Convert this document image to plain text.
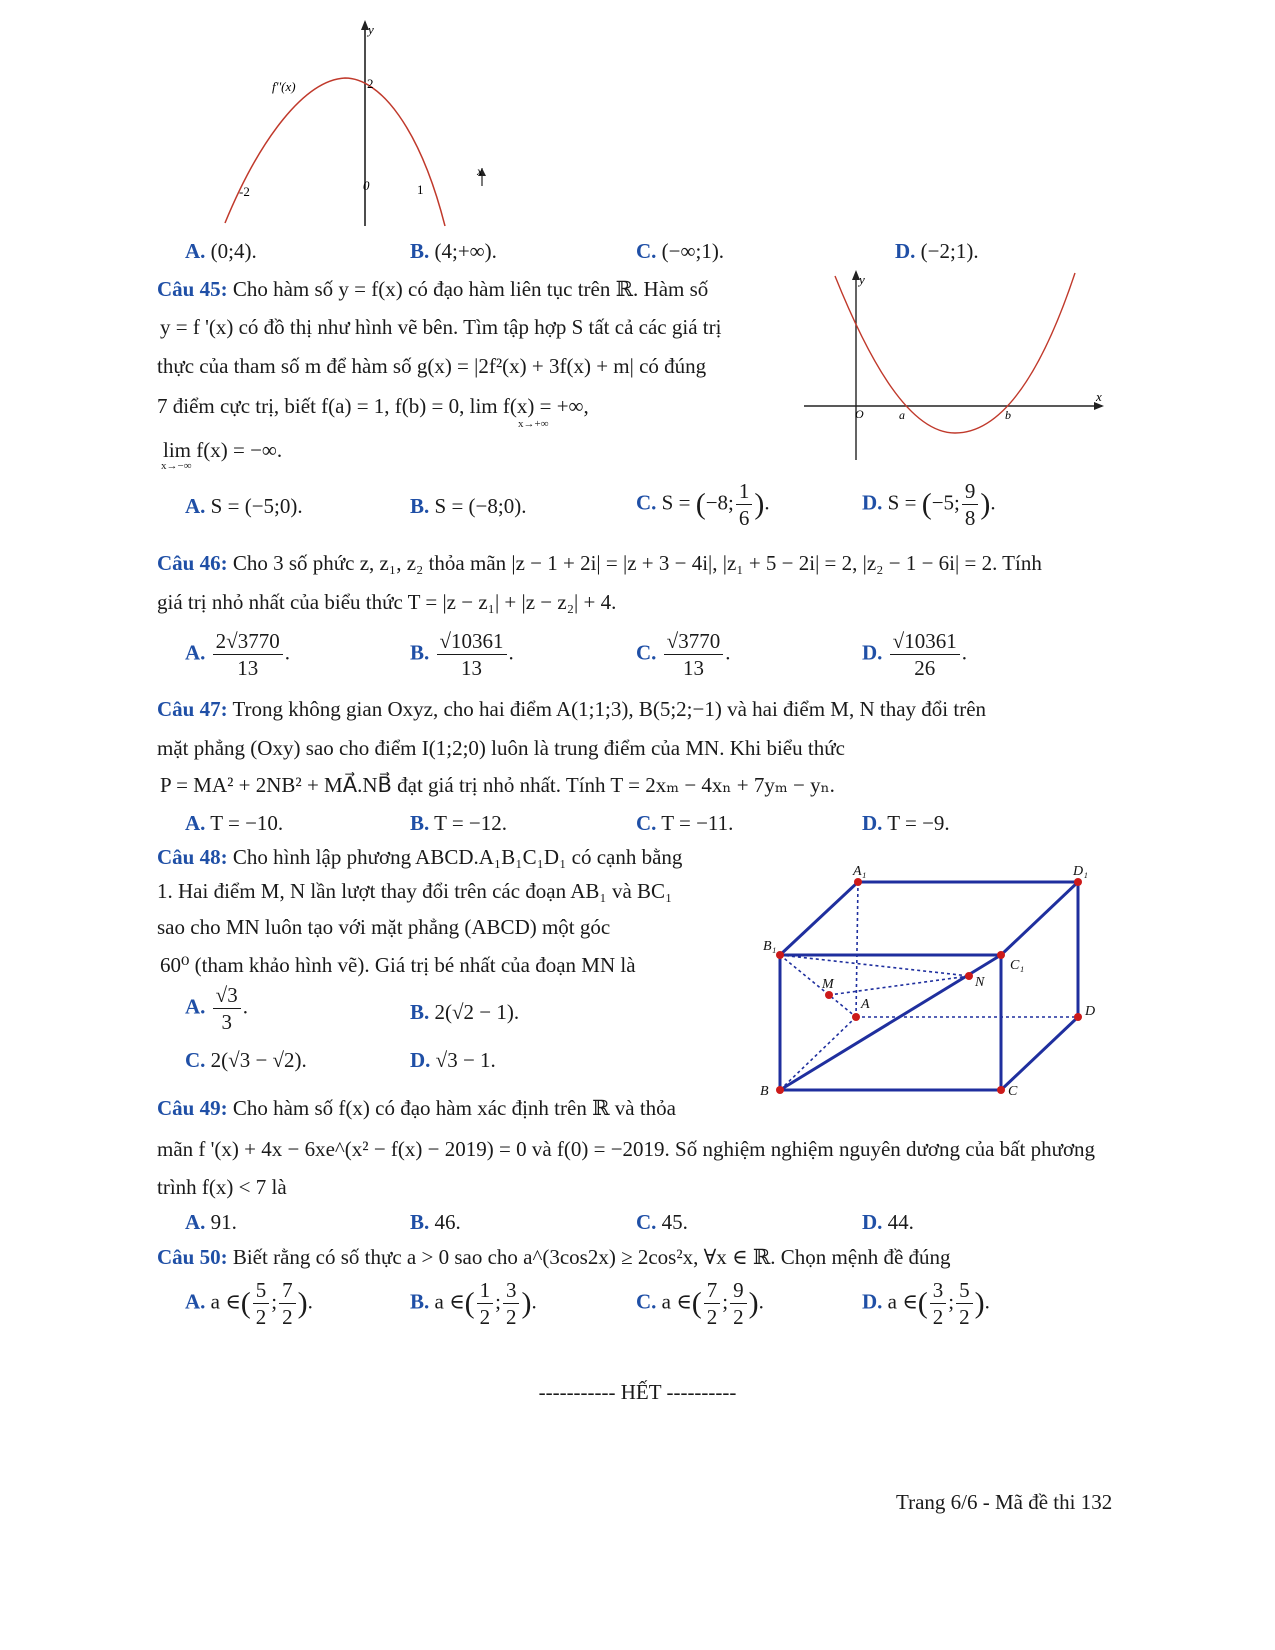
y
f''(x)	2
0	1
-2
x
A. (0;4).	B. (4;+∞).	C. (−∞;1).	D. (−2;1).
Câu 45: Cho hàm số y = f(x) có đạo hàm liên tục trên ℝ. Hàm số
y = f '(x) có đồ thị như hình vẽ bên. Tìm tập hợp S tất cả các giá trị
thực của tham số m để hàm số g(x) = |2f²(x) + 3f(x) + m| có đúng
7 điểm cực trị, biết f(a) = 1, f(b) = 0, lim f(x) = +∞,
x→+∞
lim f(x) = −∞.
x→−∞
y
x
O	a	b
A. S = (−5;0).	B. S = (−8;0).	C. S = (−8; $\frac{1}{6}$ ).	D. S = (−5; $\frac{9}{8}$ ).
Câu 46: Cho 3 số phức z, z₁, z₂ thỏa mãn |z − 1 + 2i| = |z + 3 − 4i|, |z₁ + 5 − 2i| = 2, |z₂ − 1 − 6i| = 2. Tính
giá trị nhỏ nhất của biểu thức T = |z − z₁| + |z − z₂| + 4.
A. $\frac{2√3770}{13}$ .	B. $\frac{√10361}{13}$ .	C. $\frac{√3770}{13}$ .	D. $\frac{√10361}{26}$ .
Câu 47: Trong không gian Oxyz, cho hai điểm A(1;1;3), B(5;2;−1) và hai điểm M, N thay đổi trên
mặt phẳng (Oxy) sao cho điểm I(1;2;0) luôn là trung điểm của MN. Khi biểu thức
P = MA² + 2NB² + MA⃗.NB⃗ đạt giá trị nhỏ nhất. Tính T = 2xₘ − 4xₙ + 7yₘ − yₙ.
A. T = −10.	B. T = −12.	C. T = −11.	D. T = −9.
Câu 48: Cho hình lập phương ABCD.A₁B₁C₁D₁ có cạnh bằng
1. Hai điểm M, N lần lượt thay đổi trên các đoạn AB₁ và BC₁
sao cho MN luôn tạo với mặt phẳng (ABCD) một góc
60⁰ (tham khảo hình vẽ). Giá trị bé nhất của đoạn MN là
A. $\frac{√3}{3}$ .	B. 2(√2 − 1).
C. 2(√3 − √2).	D. √3 − 1.
A₁	D₁
B₁
C₁
M	N
A	D
B	C
Câu 49: Cho hàm số f(x) có đạo hàm xác định trên ℝ và thỏa
mãn f '(x) + 4x − 6xe^(x² − f(x) − 2019) = 0 và f(0) = −2019. Số nghiệm nghiệm nguyên dương của bất phương
trình f(x) < 7 là
A. 91.	B. 46.	C. 45.	D. 44.
Câu 50: Biết rằng có số thực a > 0 sao cho a^(3cos2x) ≥ 2cos²x, ∀x ∈ ℝ. Chọn mệnh đề đúng
A. a ∈( $\frac{5}{2}$ ; $\frac{7}{2}$ ).	B. a ∈( $\frac{1}{2}$ ; $\frac{3}{2}$ ).	C. a ∈( $\frac{7}{2}$ ; $\frac{9}{2}$ ).	D. a ∈( $\frac{3}{2}$ ; $\frac{5}{2}$ ).
----------- HẾT ----------
Trang 6/6 - Mã đề thi 132
